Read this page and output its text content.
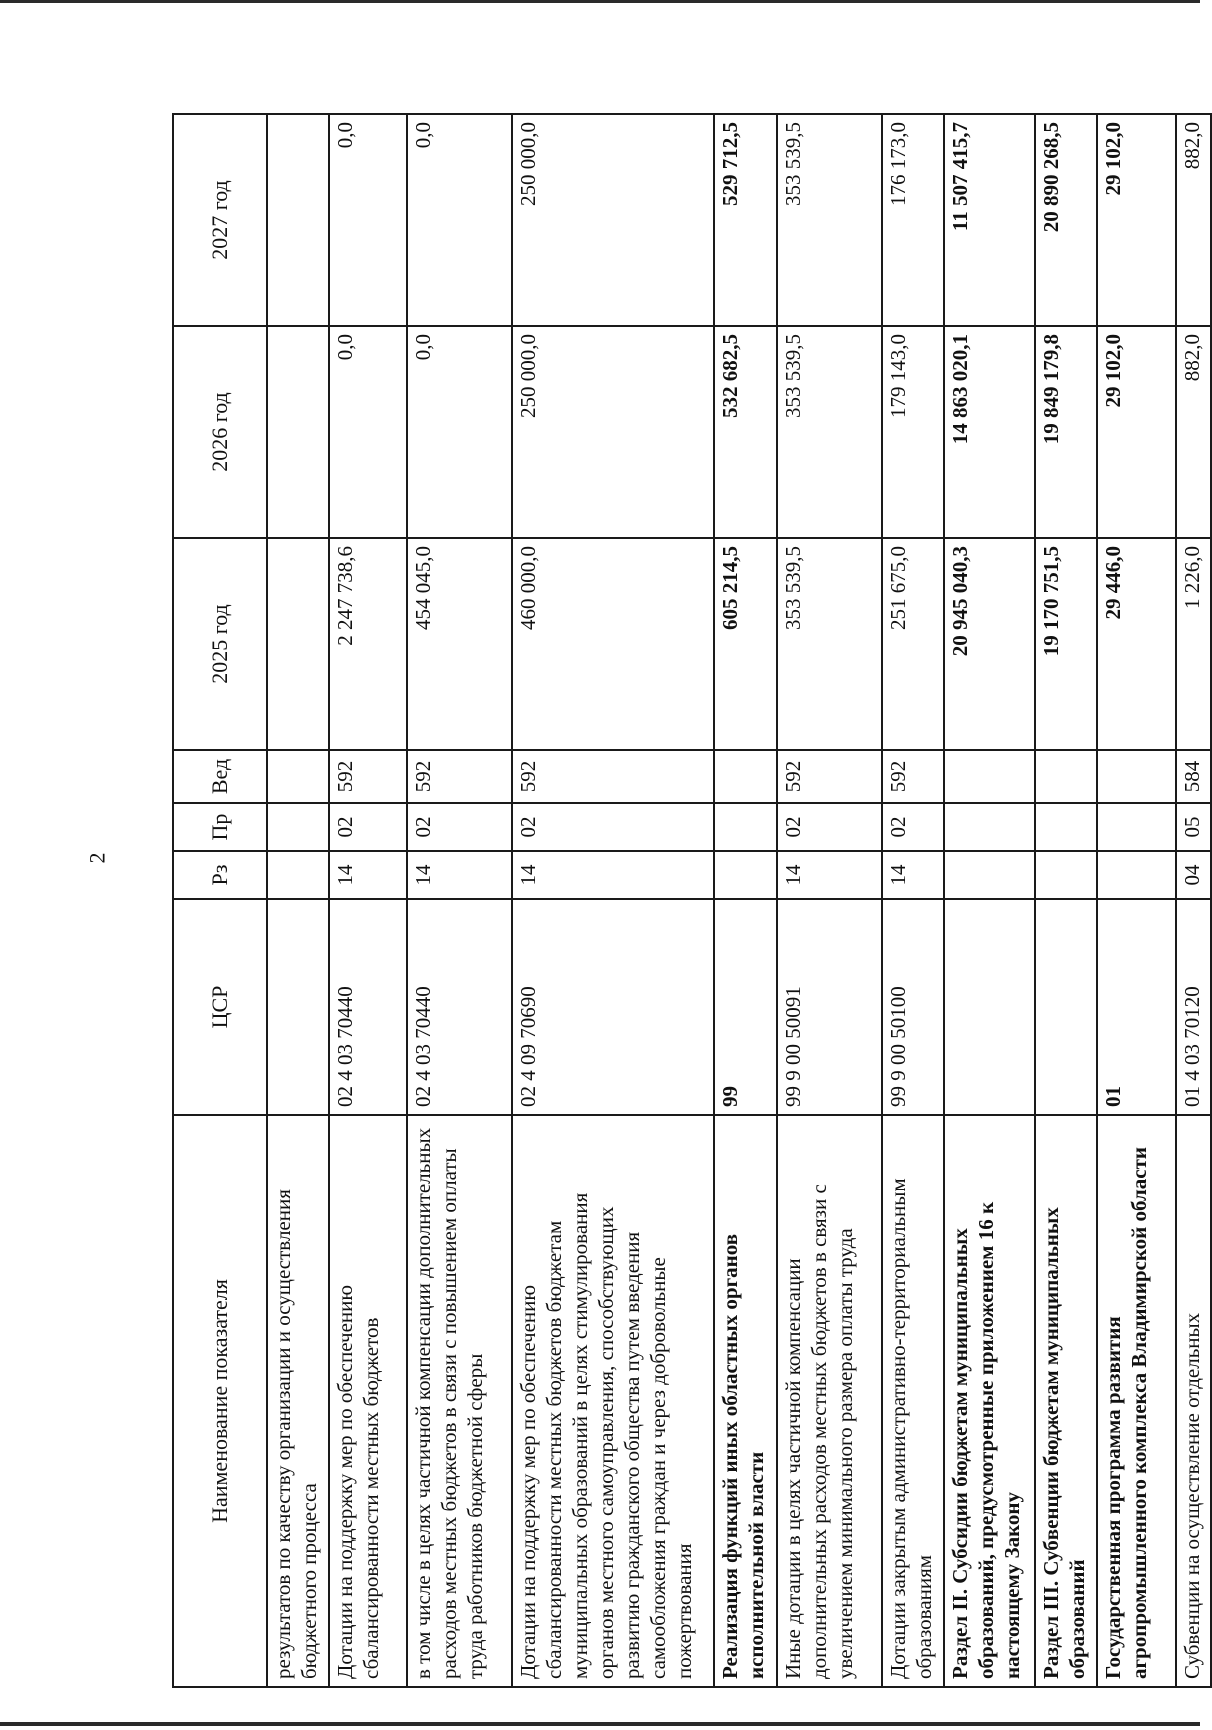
2
Наименование показателя	ЦСР	Рз	Пр	Вед	2025 год	2026 год	2027 год
результатов по качеству организации и осуществления бюджетного процесса							
Дотации на поддержку мер по обеспечению сбалансированности местных бюджетов	02 4 03 70440	14	02	592	2 247 738,6	0,0	0,0
в том числе в целях частичной компенсации дополнительных расходов местных бюджетов в связи с повышением оплаты труда работников бюджетной сферы	02 4 03 70440	14	02	592	454 045,0	0,0	0,0
Дотации на поддержку мер по обеспечению сбалансированности местных бюджетов бюджетам муниципальных образований в целях стимулирования органов местного самоуправления, способствующих развитию гражданского общества путем введения самообложения граждан и через добровольные пожертвования	02 4 09 70690	14	02	592	460 000,0	250 000,0	250 000,0
Реализация функций иных областных органов исполнительной власти	99				605 214,5	532 682,5	529 712,5
Иные дотации в целях частичной компенсации дополнительных расходов местных бюджетов в связи с увеличением минимального размера оплаты труда	99 9 00 50091	14	02	592	353 539,5	353 539,5	353 539,5
Дотации закрытым административно-территориальным образованиям	99 9 00 50100	14	02	592	251 675,0	179 143,0	176 173,0
Раздел II. Субсидии бюджетам муниципальных образований, предусмотренные приложением 16 к настоящему Закону					20 945 040,3	14 863 020,1	11 507 415,7
Раздел III. Субвенции бюджетам муниципальных образований					19 170 751,5	19 849 179,8	20 890 268,5
Государственная программа развития агропромышленного комплекса Владимирской области	01				29 446,0	29 102,0	29 102,0
Субвенции на осуществление отдельных	01 4 03 70120	04	05	584	1 226,0	882,0	882,0
